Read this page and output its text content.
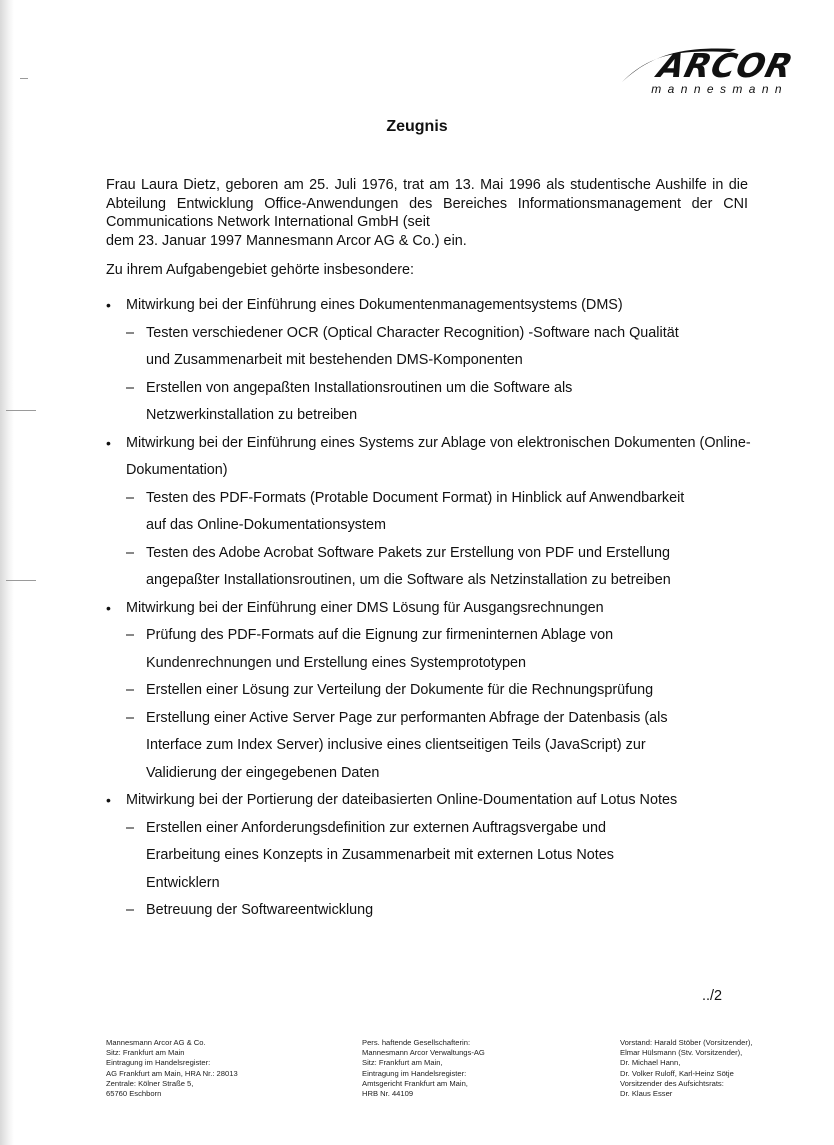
ARCOR
mannesmann
Zeugnis

Frau Laura Dietz, geboren am 25. Juli 1976, trat am 13. Mai 1996 als studentische Aushilfe in die Abteilung Entwicklung Office-Anwendungen des Bereiches Informationsmanagement der CNI Communications Network International GmbH (seit
dem 23. Januar 1997 Mannesmann Arcor AG & Co.) ein.

Zu ihrem Aufgabengebiet gehörte insbesondere:

• Mitwirkung bei der Einführung eines Dokumentenmanagementsystems (DMS)
– Testen verschiedener OCR (Optical Character Recognition) -Software nach Qualität
und Zusammenarbeit mit bestehenden DMS-Komponenten
– Erstellen von angepaßten Installationsroutinen um die Software als
Netzwerkinstallation zu betreiben
• Mitwirkung bei der Einführung eines Systems zur Ablage von elektronischen Dokumenten (Online-Dokumentation)
– Testen des PDF-Formats (Protable Document Format) in Hinblick auf Anwendbarkeit
auf das Online-Dokumentationsystem
– Testen des Adobe Acrobat Software Pakets zur Erstellung von PDF und Erstellung
angepaßter Installationsroutinen, um die Software als Netzinstallation zu betreiben
• Mitwirkung bei der Einführung einer DMS Lösung für Ausgangsrechnungen
– Prüfung des PDF-Formats auf die Eignung zur firmeninternen Ablage von
Kundenrechnungen und Erstellung eines Systemprototypen
– Erstellen einer Lösung zur Verteilung der Dokumente für die Rechnungsprüfung
– Erstellung einer Active Server Page zur performanten Abfrage der Datenbasis (als
Interface zum Index Server) inclusive eines clientseitigen Teils (JavaScript) zur
Validierung der eingegebenen Daten
• Mitwirkung bei der Portierung der dateibasierten Online-Doumentation auf Lotus Notes
– Erstellen einer Anforderungsdefinition zur externen Auftragsvergabe und
Erarbeitung eines Konzepts in Zusammenarbeit mit externen Lotus Notes
Entwicklern
– Betreuung der Softwareentwicklung
../2
Mannesmann Arcor AG & Co.
Sitz: Frankfurt am Main
Eintragung im Handelsregister:
AG Frankfurt am Main, HRA Nr.: 28013
Zentrale: Kölner Straße 5,
65760 Eschborn
Pers. haftende Gesellschafterin:
Mannesmann Arcor Verwaltungs-AG
Sitz: Frankfurt am Main,
Eintragung im Handelsregister:
Amtsgericht Frankfurt am Main,
HRB Nr. 44109
Vorstand: Harald Stöber (Vorsitzender),
Elmar Hülsmann (Stv. Vorsitzender),
Dr. Michael Hann,
Dr. Volker Ruloff, Karl-Heinz Sötje
Vorsitzender des Aufsichtsrats:
Dr. Klaus Esser
